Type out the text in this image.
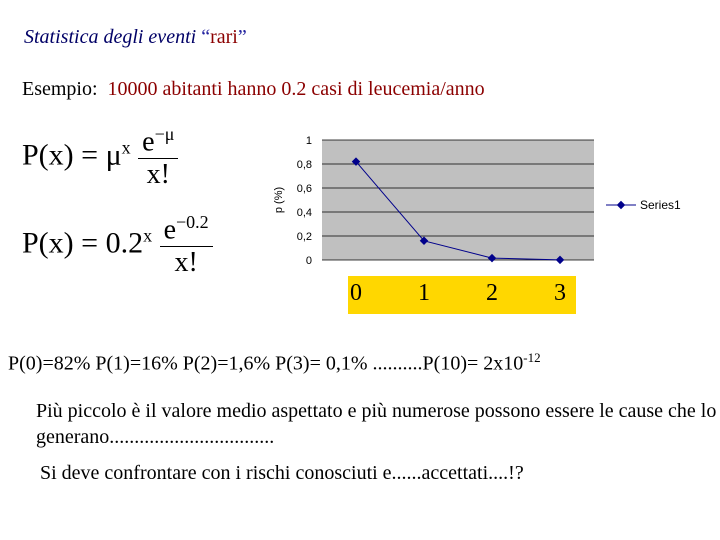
Statistica degli eventi “rari”
Esempio: 10000 abitanti hanno 0.2 casi di leucemia/anno
$P(x) = \mu^x \frac{e^{-\mu}}{x!}$
$P(x) = 0.2^x \frac{e^{-0.2}}{x!}$	0
0,2
0,4
0,6
0,8
1
p (%)	Series1
0 1 2 3
P(0)=82% P(1)=16% P(2)=1,6% P(3)= 0,1% $..........P(10)= 2x10^{-12}$
Più piccolo è il valore medio aspettato e più numerose possono essere le cause che lo generano.................................
Si deve confrontare con i rischi conosciuti e......accettati....!?
